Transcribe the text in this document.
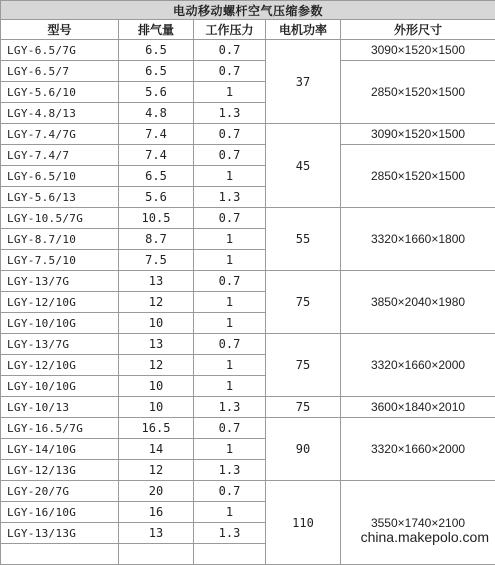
电动移动螺杆空气压缩参数				
型号	排气量	工作压力	电机功率	外形尺寸
LGY-6.5/7G	6.5	0.7	37	3090×1520×1500
LGY-6.5/7	6.5	0.7		2850×1520×1500
LGY-5.6/10	5.6	1		
LGY-4.8/13	4.8	1.3		
LGY-7.4/7G	7.4	0.7	45	3090×1520×1500
LGY-7.4/7	7.4	0.7		2850×1520×1500
LGY-6.5/10	6.5	1		
LGY-5.6/13	5.6	1.3		
LGY-10.5/7G	10.5	0.7	55	3320×1660×1800
LGY-8.7/10	8.7	1		
LGY-7.5/10	7.5	1		
LGY-13/7G	13	0.7	75	3850×2040×1980
LGY-12/10G	12	1		
LGY-10/10G	10	1		
LGY-13/7G	13	0.7	75	3320×1660×2000
LGY-12/10G	12	1		
LGY-10/10G	10	1		
LGY-10/13	10	1.3	75	3600×1840×2010
LGY-16.5/7G	16.5	0.7	90	3320×1660×2000
LGY-14/10G	14	1		
LGY-12/13G	12	1.3		
LGY-20/7G	20	0.7	110	3550×1740×2100
LGY-16/10G	16	1		
LGY-13/13G	13	1.3		
			china.makepolo.com
